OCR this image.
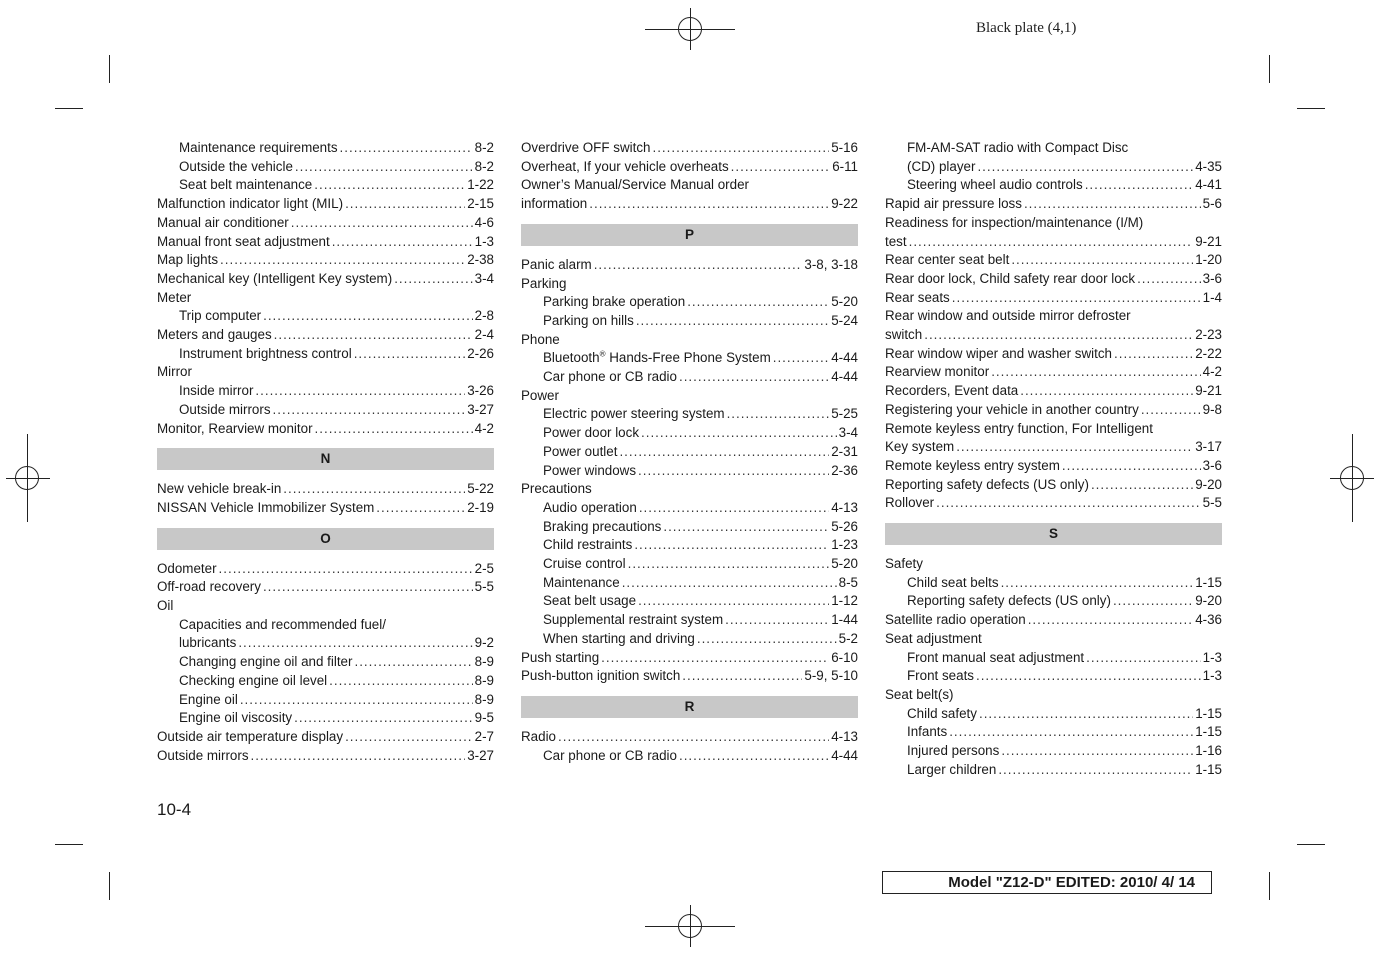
Black plate (4,1)
Maintenance requirements .....	8-2
Outside the vehicle .....	8-2
Seat belt maintenance .....	1-22
Malfunction indicator light (MIL) .....	2-15
Manual air conditioner .....	4-6
Manual front seat adjustment .....	1-3
Map lights .....	2-38
Mechanical key (Intelligent Key system) .....	3-4
Meter
Trip computer .....	2-8
Meters and gauges .....	2-4
Instrument brightness control .....	2-26
Mirror
Inside mirror .....	3-26
Outside mirrors .....	3-27
Monitor, Rearview monitor .....	4-2
N
New vehicle break-in .....	5-22
NISSAN Vehicle Immobilizer System .....	2-19
O
Odometer .....	2-5
Off-road recovery .....	5-5
Oil
Capacities and recommended fuel/
lubricants .....	9-2
Changing engine oil and filter .....	8-9
Checking engine oil level .....	8-9
Engine oil .....	8-9
Engine oil viscosity .....	9-5
Outside air temperature display .....	2-7
Outside mirrors .....	3-27
Overdrive OFF switch .....	5-16
Overheat, If your vehicle overheats .....	6-11
Owner’s Manual/Service Manual order
information .....	9-22
P
Panic alarm .....	3-8, 3-18
Parking
Parking brake operation .....	5-20
Parking on hills .....	5-24
Phone
Bluetooth® Hands-Free Phone System .....	4-44
Car phone or CB radio .....	4-44
Power
Electric power steering system .....	5-25
Power door lock .....	3-4
Power outlet .....	2-31
Power windows .....	2-36
Precautions
Audio operation .....	4-13
Braking precautions .....	5-26
Child restraints .....	1-23
Cruise control .....	5-20
Maintenance .....	8-5
Seat belt usage .....	1-12
Supplemental restraint system .....	1-44
When starting and driving .....	5-2
Push starting .....	6-10
Push-button ignition switch .....	5-9, 5-10
R
Radio .....	4-13
Car phone or CB radio .....	4-44
FM-AM-SAT radio with Compact Disc
(CD) player .....	4-35
Steering wheel audio controls .....	4-41
Rapid air pressure loss .....	5-6
Readiness for inspection/maintenance (I/M)
test .....	9-21
Rear center seat belt .....	1-20
Rear door lock, Child safety rear door lock .....	3-6
Rear seats .....	1-4
Rear window and outside mirror defroster
switch .....	2-23
Rear window wiper and washer switch .....	2-22
Rearview monitor .....	4-2
Recorders, Event data .....	9-21
Registering your vehicle in another country .....	9-8
Remote keyless entry function, For Intelligent
Key system .....	3-17
Remote keyless entry system .....	3-6
Reporting safety defects (US only) .....	9-20
Rollover .....	5-5
S
Safety
Child seat belts .....	1-15
Reporting safety defects (US only) .....	9-20
Satellite radio operation .....	4-36
Seat adjustment
Front manual seat adjustment .....	1-3
Front seats .....	1-3
Seat belt(s)
Child safety .....	1-15
Infants .....	1-15
Injured persons .....	1-16
Larger children .....	1-15
10-4
Model "Z12-D" EDITED: 2010/ 4/ 14
